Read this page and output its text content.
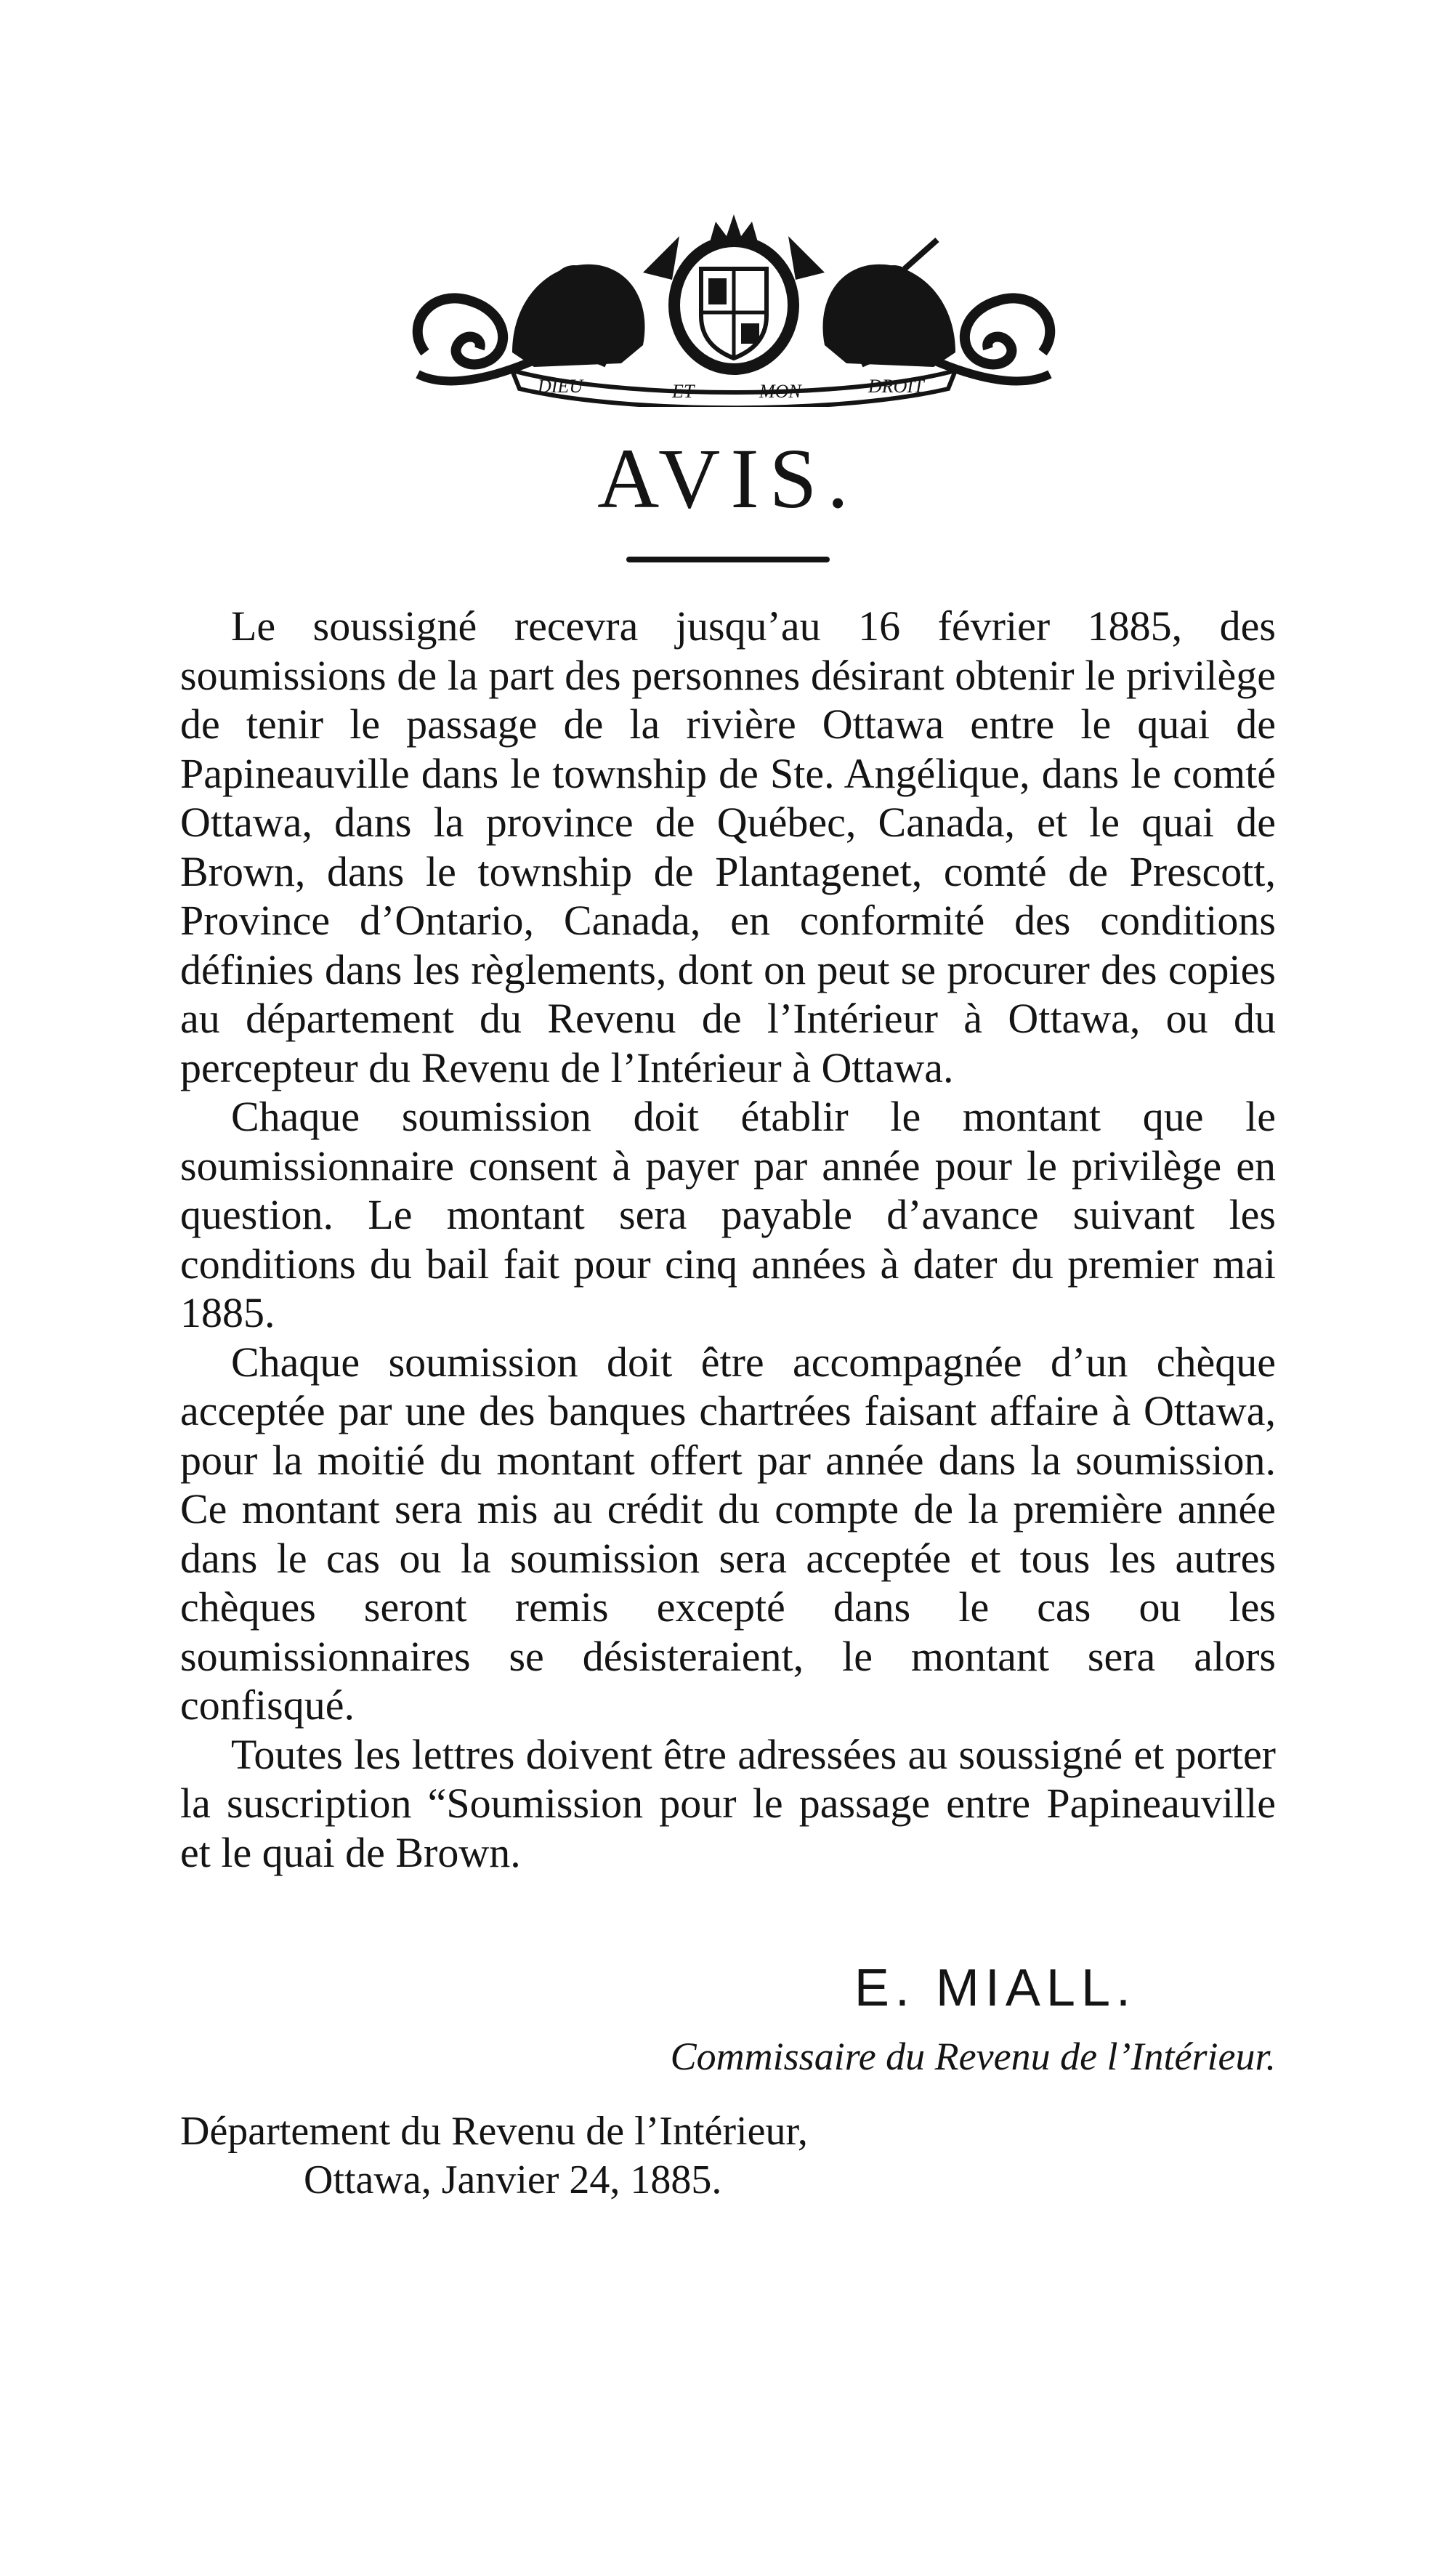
DIEU	ET	MON	DROIT
AVIS.

Le soussigné recevra jusqu’au 16 février 1885, des soumissions de la part des personnes désirant obtenir le privilège de tenir le passage de la rivière Ottawa entre le quai de Papineauville dans le township de Ste. Angélique, dans le comté Ottawa, dans la province de Québec, Canada, et le quai de Brown, dans le township de Plantagenet, comté de Prescott, Province d’Ontario, Canada, en conformité des conditions définies dans les règlements, dont on peut se procurer des copies au département du Revenu de l’Intérieur à Ottawa, ou du percepteur du Revenu de l’Intérieur à Ottawa.

Chaque soumission doit établir le montant que le soumissionnaire consent à payer par année pour le privilège en question. Le montant sera payable d’avance suivant les conditions du bail fait pour cinq années à dater du premier mai 1885.

Chaque soumission doit être accompagnée d’un chèque acceptée par une des banques chartrées faisant affaire à Ottawa, pour la moitié du montant offert par année dans la soumission. Ce montant sera mis au crédit du compte de la première année dans le cas ou la soumission sera acceptée et tous les autres chèques seront remis excepté dans le cas ou les soumissionnaires se désisteraient, le montant sera alors confisqué.

Toutes les lettres doivent être adressées au soussigné et porter la suscription “Soumission pour le passage entre Papineauville et le quai de Brown.

E. MIALL.
Commissaire du Revenu de l’Intérieur.
Département du Revenu de l’Intérieur,
Ottawa, Janvier 24, 1885.
